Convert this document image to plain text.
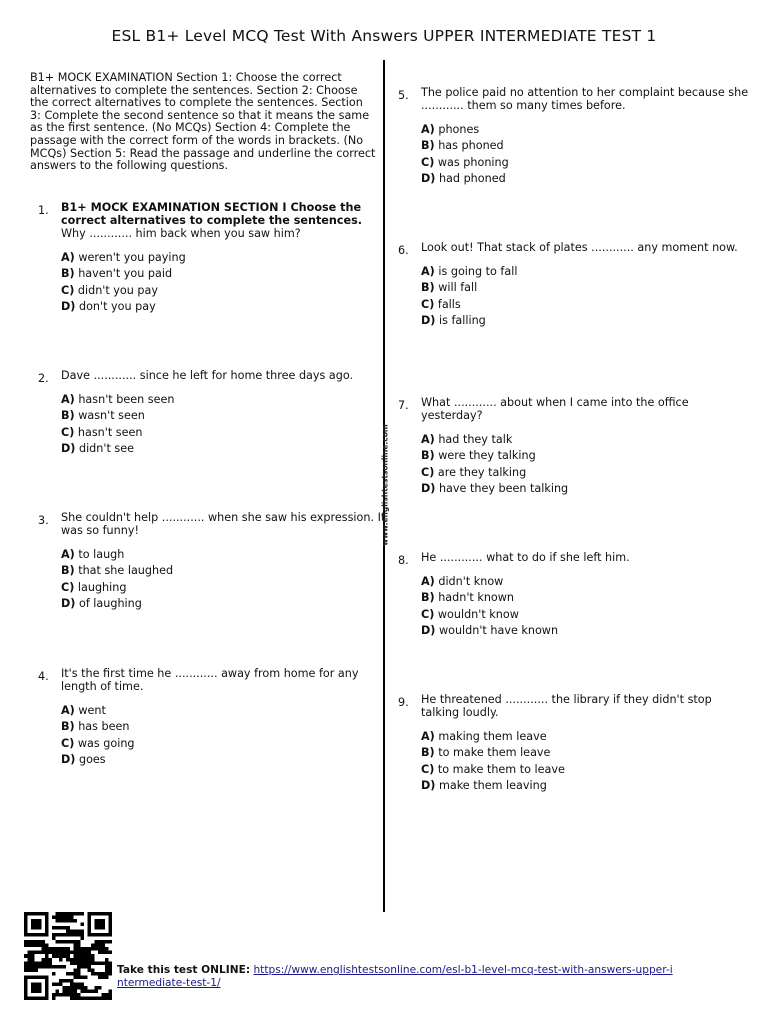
ESL B1+ Level MCQ Test With Answers UPPER INTERMEDIATE TEST 1

B1+ MOCK EXAMINATION Section 1: Choose the correct alternatives to complete the sentences. Section 2: Choose the correct alternatives to complete the sentences. Section 3: Complete the second sentence so that it means the same as the first sentence. (No MCQs) Section 4: Complete the passage with the correct form of the words in brackets. (No MCQs) Section 5: Read the passage and underline the correct answers to the following questions.

www.englishtestsonline.com
1. B1+ MOCK EXAMINATION SECTION I Choose the correct alternatives to complete the sentences.

Why ............ him back when you saw him?

A) weren't you paying
B) haven't you paid
C) didn't you pay
D) don't you pay
2. Dave ............ since he left for home three days ago.

A) hasn't been seen
B) wasn't seen
C) hasn't seen
D) didn't see
3. She couldn't help ............ when she saw his expression. It was so funny!

A) to laugh
B) that she laughed
C) laughing
D) of laughing
4. It's the first time he ............ away from home for any length of time.

A) went
B) has been
C) was going
D) goes
5. The police paid no attention to her complaint because she ............ them so many times before.

A) phones
B) has phoned
C) was phoning
D) had phoned
6. Look out! That stack of plates ............ any moment now.

A) is going to fall
B) will fall
C) falls
D) is falling
7. What ............ about when I came into the office yesterday?

A) had they talk
B) were they talking
C) are they talking
D) have they been talking
8. He ............ what to do if she left him.

A) didn't know
B) hadn't known
C) wouldn't know
D) wouldn't have known
9. He threatened ............ the library if they didn't stop talking loudly.

A) making them leave
B) to make them leave
C) to make them to leave
D) make them leaving
Take this test ONLINE: https://www.englishtestsonline.com/esl-b1-level-mcq-test-with-answers-upper-intermediate-test-1/
